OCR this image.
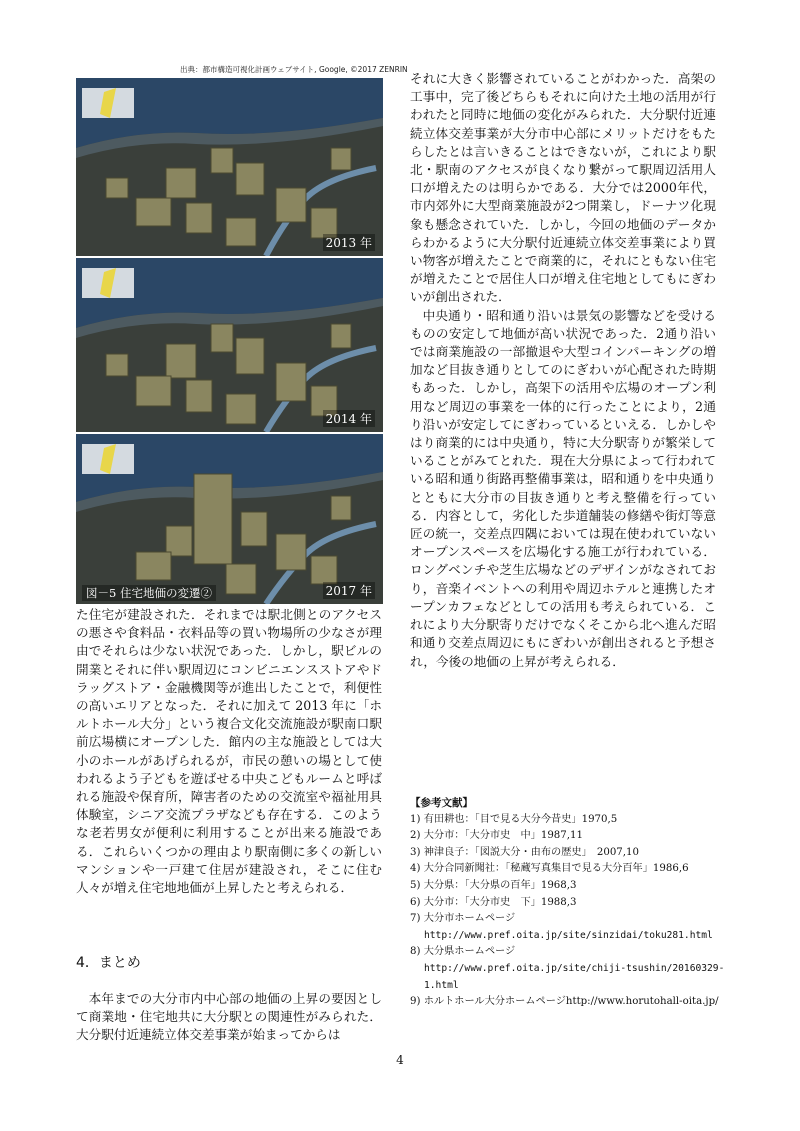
出典：都市構造可視化計画ウェブサイト, Google, ©2017 ZENRIN
2013 年
2014 年
2017 年
図－5 住宅地価の変遷②

た住宅が建設された．それまでは駅北側とのアクセスの悪さや食料品・衣料品等の買い物場所の少なさが理由でそれらは少ない状況であった．しかし，駅ビルの開業とそれに伴い駅周辺にコンビニエンスストアやドラッグストア・金融機関等が進出したことで，利便性の高いエリアとなった．それに加えて 2013 年に「ホルトホール大分」という複合文化交流施設が駅南口駅前広場横にオープンした．館内の主な施設としては大小のホールがあげられるが，市民の憩いの場として使われるよう子どもを遊ばせる中央こどもルームと呼ばれる施設や保育所，障害者のための交流室や福祉用具体験室，シニア交流プラザなども存在する．このような老若男女が便利に利用することが出来る施設である．これらいくつかの理由より駅南側に多くの新しいマンションや一戸建て住居が建設され，そこに住む人々が増え住宅地地価が上昇したと考えられる．

4．まとめ

本年までの大分市内中心部の地価の上昇の要因として商業地・住宅地共に大分駅との関連性がみられた．大分駅付近連続立体交差事業が始まってからは

それに大きく影響されていることがわかった．高架の工事中，完了後どちらもそれに向けた土地の活用が行われたと同時に地価の変化がみられた．大分駅付近連続立体交差事業が大分市中心部にメリットだけをもたらしたとは言いきることはできないが，これにより駅北・駅南のアクセスが良くなり繋がって駅周辺活用人口が増えたのは明らかである．大分では2000年代，市内郊外に大型商業施設が2つ開業し，ドーナツ化現象も懸念されていた．しかし，今回の地価のデータからわかるように大分駅付近連続立体交差事業により買い物客が増えたことで商業的に，それにともない住宅が増えたことで居住人口が増え住宅地としてもにぎわいが創出された．

中央通り・昭和通り沿いは景気の影響などを受けるものの安定して地価が高い状況であった．2通り沿いでは商業施設の一部撤退や大型コインパーキングの増加など目抜き通りとしてのにぎわいが心配された時期もあった．しかし，高架下の活用や広場のオープン利用など周辺の事業を一体的に行ったことにより，2通り沿いが安定してにぎわっているといえる．しかしやはり商業的には中央通り，特に大分駅寄りが繁栄していることがみてとれた．現在大分県によって行われている昭和通り街路再整備事業は，昭和通りを中央通りとともに大分市の目抜き通りと考え整備を行っている．内容として，劣化した歩道舗装の修繕や街灯等意匠の統一，交差点四隅においては現在使われていないオープンスペースを広場化する施工が行われている．ロングベンチや芝生広場などのデザインがなされており，音楽イベントへの利用や周辺ホテルと連携したオープンカフェなどとしての活用も考えられている．これにより大分駅寄りだけでなくそこから北へ進んだ昭和通り交差点周辺にもにぎわいが創出されると予想され，今後の地価の上昇が考えられる．

【参考文献】
1) 有田耕也：「目で見る大分今昔史」1970,5
2) 大分市：「大分市史　中」1987,11
3) 神津良子：「図説大分・由布の歴史」　2007,10
4) 大分合同新聞社：「秘蔵写真集目で見る大分百年」1986,6
5) 大分県：「大分県の百年」1968,3
6) 大分市：「大分市史　下」1988,3
7) 大分市ホームページ
http://www.pref.oita.jp/site/sinzidai/toku281.html
8) 大分県ホームページ
http://www.pref.oita.jp/site/chiji-tsushin/20160329-1.html
9) ホルトホール大分ホームページhttp://www.horutohall-oita.jp/
4
